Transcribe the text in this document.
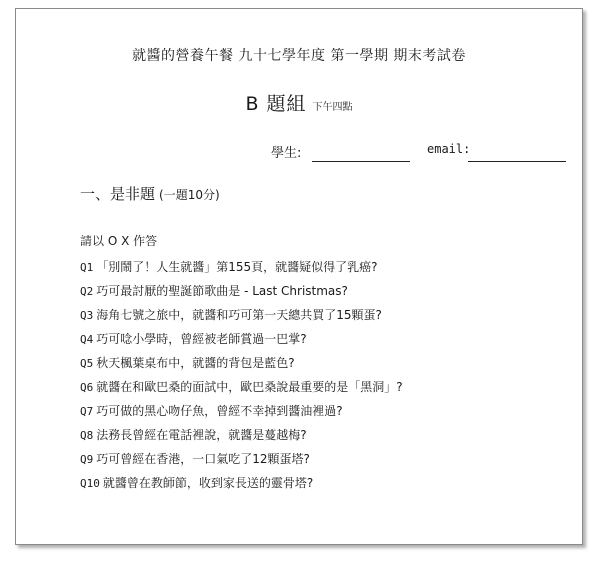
就醬的營養午餐 九十七學年度 第一學期 期末考試卷
B 題組 下午四點
學生:	email:
一、是非題 (一題10分)
請以 O X 作答
Q1 「別鬧了！人生就醬」第155頁，就醬疑似得了乳癌?
Q2 巧可最討厭的聖誕節歌曲是 - Last Christmas?
Q3 海角七號之旅中，就醬和巧可第一天總共買了15顆蛋?
Q4 巧可唸小學時，曾經被老師賞過一巴掌?
Q5 秋天楓葉桌布中，就醬的背包是藍色?
Q6 就醬在和歐巴桑的面試中，歐巴桑說最重要的是「黑洞」?
Q7 巧可做的黑心吻仔魚，曾經不幸掉到醬油裡過?
Q8 法務長曾經在電話裡說，就醬是蔓越梅?
Q9 巧可曾經在香港，一口氣吃了12顆蛋塔?
Q10 就醬曾在教師節，收到家長送的靈骨塔?
